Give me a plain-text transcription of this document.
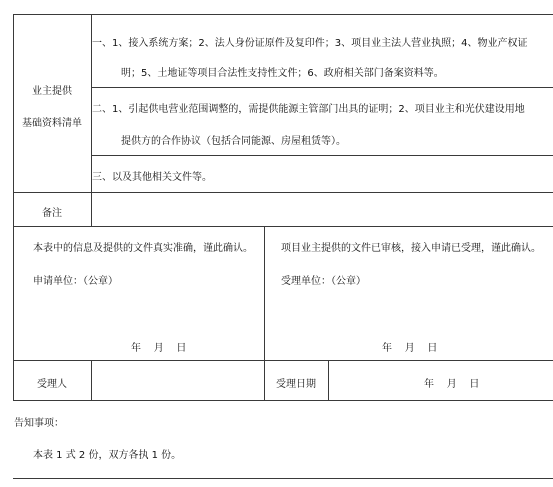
业主提供
基础资料清单
一、1、接入系统方案；2、法人身份证原件及复印件；3、项目业主法人营业执照；4、物业产权证
明；5、土地证等项目合法性支持性文件；6、政府相关部门备案资料等。
二、1、引起供电营业范围调整的，需提供能源主管部门出具的证明；2、项目业主和光伏建设用地
提供方的合作协议（包括合同能源、房屋租赁等）。
三、以及其他相关文件等。
备注
本表中的信息及提供的文件真实准确，谨此确认。
申请单位：（公章）
年    月    日
项目业主提供的文件已审核，接入申请已受理，谨此确认。
受理单位：（公章）
年    月    日
受理人	受理日期	年    月    日
告知事项：
本表 1 式 2 份，双方各执 1 份。
